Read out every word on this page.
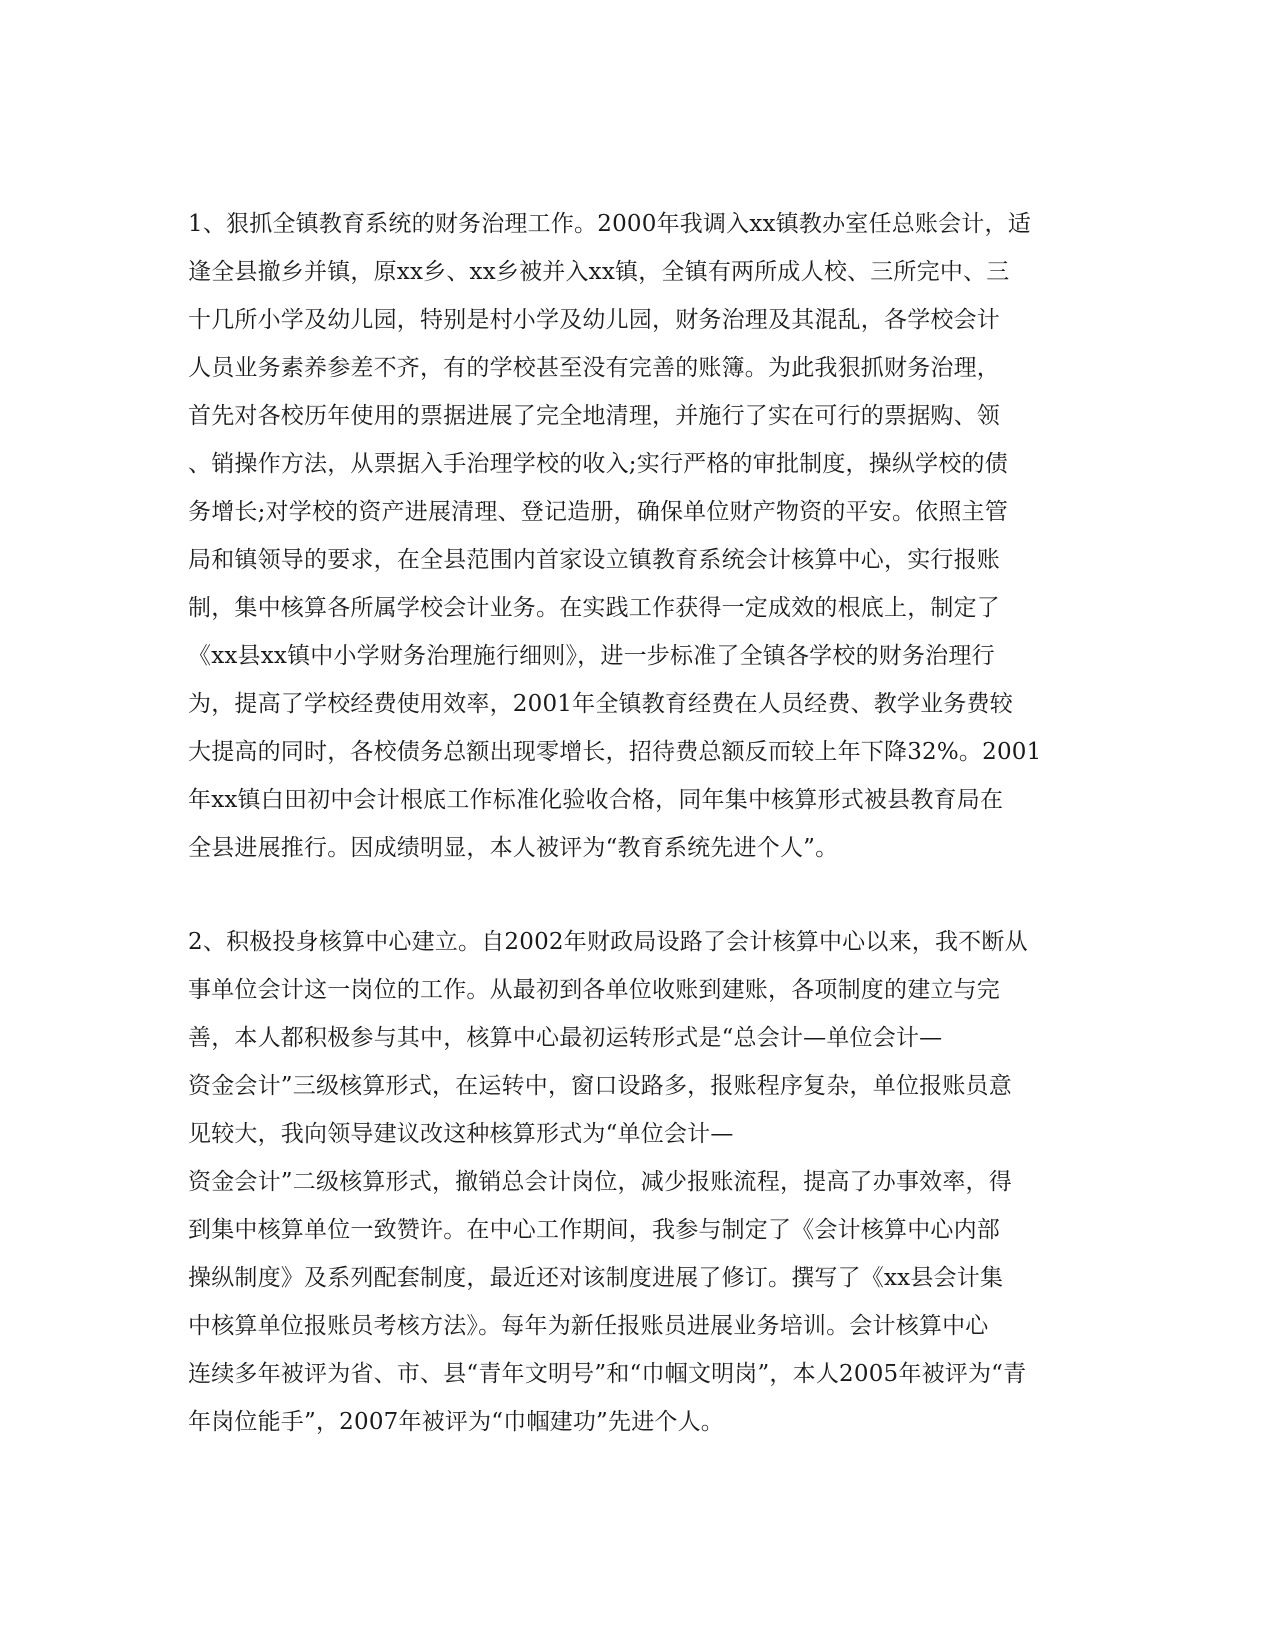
1、狠抓全镇教育系统的财务治理工作。2000年我调入xx镇教办室任总账会计，适
逢全县撤乡并镇，原xx乡、xx乡被并入xx镇，全镇有两所成人校、三所完中、三
十几所小学及幼儿园，特别是村小学及幼儿园，财务治理及其混乱，各学校会计
人员业务素养参差不齐，有的学校甚至没有完善的账簿。为此我狠抓财务治理，
首先对各校历年使用的票据进展了完全地清理，并施行了实在可行的票据购、领
、销操作方法，从票据入手治理学校的收入;实行严格的审批制度，操纵学校的债
务增长;对学校的资产进展清理、登记造册，确保单位财产物资的平安。依照主管
局和镇领导的要求，在全县范围内首家设立镇教育系统会计核算中心，实行报账
制，集中核算各所属学校会计业务。在实践工作获得一定成效的根底上，制定了
《xx县xx镇中小学财务治理施行细则》，进一步标准了全镇各学校的财务治理行
为，提高了学校经费使用效率，2001年全镇教育经费在人员经费、教学业务费较
大提高的同时，各校债务总额出现零增长，招待费总额反而较上年下降32%。2001
年xx镇白田初中会计根底工作标准化验收合格，同年集中核算形式被县教育局在
全县进展推行。因成绩明显，本人被评为“教育系统先进个人”。
2、积极投身核算中心建立。自2002年财政局设路了会计核算中心以来，我不断从
事单位会计这一岗位的工作。从最初到各单位收账到建账，各项制度的建立与完
善，本人都积极参与其中，核算中心最初运转形式是“总会计—单位会计—
资金会计”三级核算形式，在运转中，窗口设路多，报账程序复杂，单位报账员意
见较大，我向领导建议改这种核算形式为“单位会计—
资金会计”二级核算形式，撤销总会计岗位，减少报账流程，提高了办事效率，得
到集中核算单位一致赞许。在中心工作期间，我参与制定了《会计核算中心内部
操纵制度》及系列配套制度，最近还对该制度进展了修订。撰写了《xx县会计集
中核算单位报账员考核方法》。每年为新任报账员进展业务培训。会计核算中心
连续多年被评为省、市、县“青年文明号”和“巾帼文明岗”，本人2005年被评为“青
年岗位能手”，2007年被评为“巾帼建功”先进个人。
